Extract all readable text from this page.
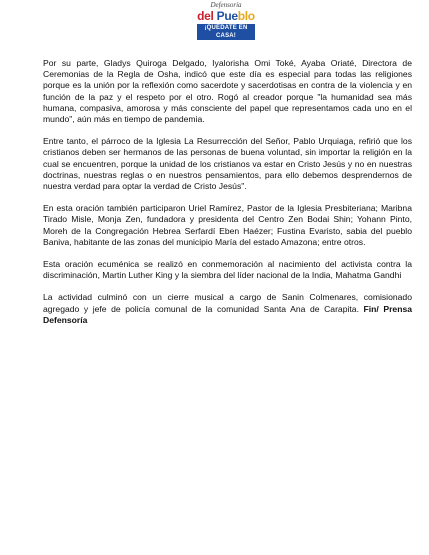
Defensoría
del Pueblo
¡QUÉDATE EN CASA!

Por su parte, Gladys Quiroga Delgado, Iyalorisha Omi Toké, Ayaba Oriaté, Directora de Ceremonias de la Regla de Osha, indicó que este día es especial para todas las religiones porque es la unión por la reflexión como sacerdote y sacerdotisas en contra de la violencia y en función de la paz y el respeto por el otro. Rogó al creador porque "la humanidad sea más humana, compasiva, amorosa y más consciente del papel que representamos cada uno en el mundo", aún más en tiempo de pandemia.

Entre tanto, el párroco de la Iglesia La Resurrección del Señor, Pablo Urquiaga, refirió que los cristianos deben ser hermanos de las personas de buena voluntad, sin importar la religión en la cual se encuentren, porque la unidad de los cristianos va estar en Cristo Jesús y no en nuestras doctrinas, nuestras reglas o en nuestros pensamientos, para ello debemos desprendernos de nuestra verdad para optar la verdad de Cristo Jesús".

En esta oración también participaron Uriel Ramírez, Pastor de la Iglesia Presbiteriana; Maribna Tirado Misle, Monja Zen, fundadora y presidenta del Centro Zen Bodai Shin; Yohann Pinto, Moreh de la Congregación Hebrea Serfardí Eben Haézer; Fustina Evaristo, sabia del pueblo Baniva, habitante de las zonas del municipio María del estado Amazona; entre otros.

Esta oración ecuménica se realizó en conmemoración al nacimiento del activista contra la discriminación, Martin Luther King y la siembra del líder nacional de la India, Mahatma Gandhi

La actividad culminó con un cierre musical a cargo de Sanin Colmenares, comisionado agregado y jefe de policía comunal de la comunidad Santa Ana de Carapita. Fin/ Prensa Defensoría
